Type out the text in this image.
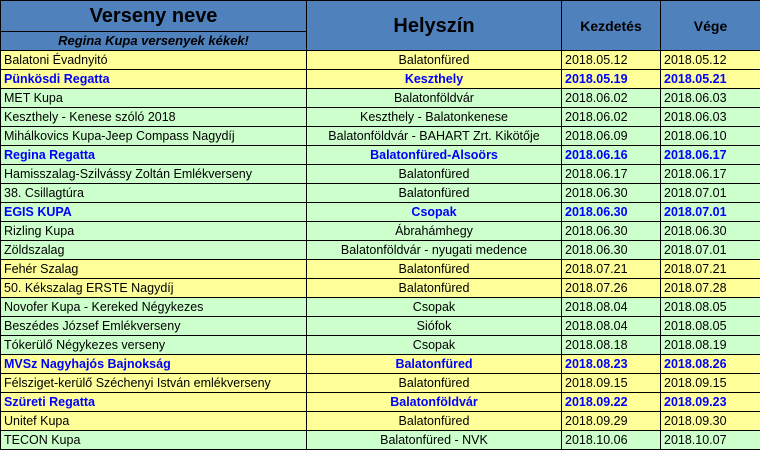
Verseny neve	Helyszín	Kezdetés	Vége
Regina Kupa versenyek kékek!			
Balatoni Évadnyitó	Balatonfüred	2018.05.12	2018.05.12
Pünkösdi Regatta	Keszthely	2018.05.19	2018.05.21
MET Kupa	Balatonföldvár	2018.06.02	2018.06.03
Keszthely - Kenese szóló 2018	Keszthely - Balatonkenese	2018.06.02	2018.06.03
Mihálkovics Kupa-Jeep Compass Nagydíj	Balatonföldvár - BAHART Zrt. Kikötője	2018.06.09	2018.06.10
Regina Regatta	Balatonfüred-Alsoörs	2018.06.16	2018.06.17
Hamisszalag-Szilvássy Zoltán Emlékverseny	Balatonfüred	2018.06.17	2018.06.17
38. Csillagtúra	Balatonfüred	2018.06.30	2018.07.01
EGIS KUPA	Csopak	2018.06.30	2018.07.01
Rizling Kupa	Ábrahámhegy	2018.06.30	2018.06.30
Zöldszalag	Balatonföldvár - nyugati medence	2018.06.30	2018.07.01
Fehér Szalag	Balatonfüred	2018.07.21	2018.07.21
50. Kékszalag ERSTE Nagydíj	Balatonfüred	2018.07.26	2018.07.28
Novofer Kupa - Kereked Négykezes	Csopak	2018.08.04	2018.08.05
Beszédes József Emlékverseny	Siófok	2018.08.04	2018.08.05
Tókerülő Négykezes verseny	Csopak	2018.08.18	2018.08.19
MVSz Nagyhajós Bajnokság	Balatonfüred	2018.08.23	2018.08.26
Félsziget-kerülő Széchenyi István emlékverseny	Balatonfüred	2018.09.15	2018.09.15
Szüreti Regatta	Balatonföldvár	2018.09.22	2018.09.23
Unitef Kupa	Balatonfüred	2018.09.29	2018.09.30
TECON Kupa	Balatonfüred - NVK	2018.10.06	2018.10.07
